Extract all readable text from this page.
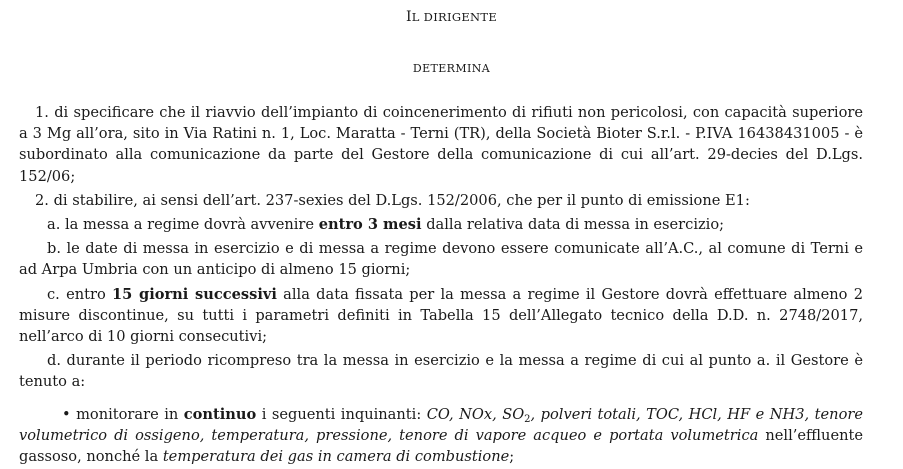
IL DIRIGENTE

DETERMINA

1. di specificare che il riavvio dell’impianto di coincenerimento di rifiuti non pericolosi, con capacità superiore a 3 Mg all’ora, sito in Via Ratini n. 1, Loc. Maratta - Terni (TR), della Società Bioter S.r.l. - P.IVA 16438431005 - è subordinato alla comunicazione da parte del Gestore della comunicazione di cui all’art. 29-decies del D.Lgs. 152/06;

2. di stabilire, ai sensi dell’art. 237-sexies del D.Lgs. 152/2006, che per il punto di emissione E1:

a. la messa a regime dovrà avvenire entro 3 mesi dalla relativa data di messa in esercizio;

b. le date di messa in esercizio e di messa a regime devono essere comunicate all’A.C., al comune di Terni e ad Arpa Umbria con un anticipo di almeno 15 giorni;

c. entro 15 giorni successivi alla data fissata per la messa a regime il Gestore dovrà effettuare almeno 2 misure discontinue, su tutti i parametri definiti in Tabella 15 dell’Allegato tecnico della D.D. n. 2748/2017, nell’arco di 10 giorni consecutivi;

d. durante il periodo ricompreso tra la messa in esercizio e la messa a regime di cui al punto a. il Gestore è tenuto a:

• monitorare in continuo i seguenti inquinanti: CO, NOx, $SO_2$, polveri totali, TOC, HCl, HF e NH3, tenore volumetrico di ossigeno, temperatura, pressione, tenore di vapore acqueo e portata volumetrica nell’effluente gassoso, nonché la temperatura dei gas in camera di combustione;
